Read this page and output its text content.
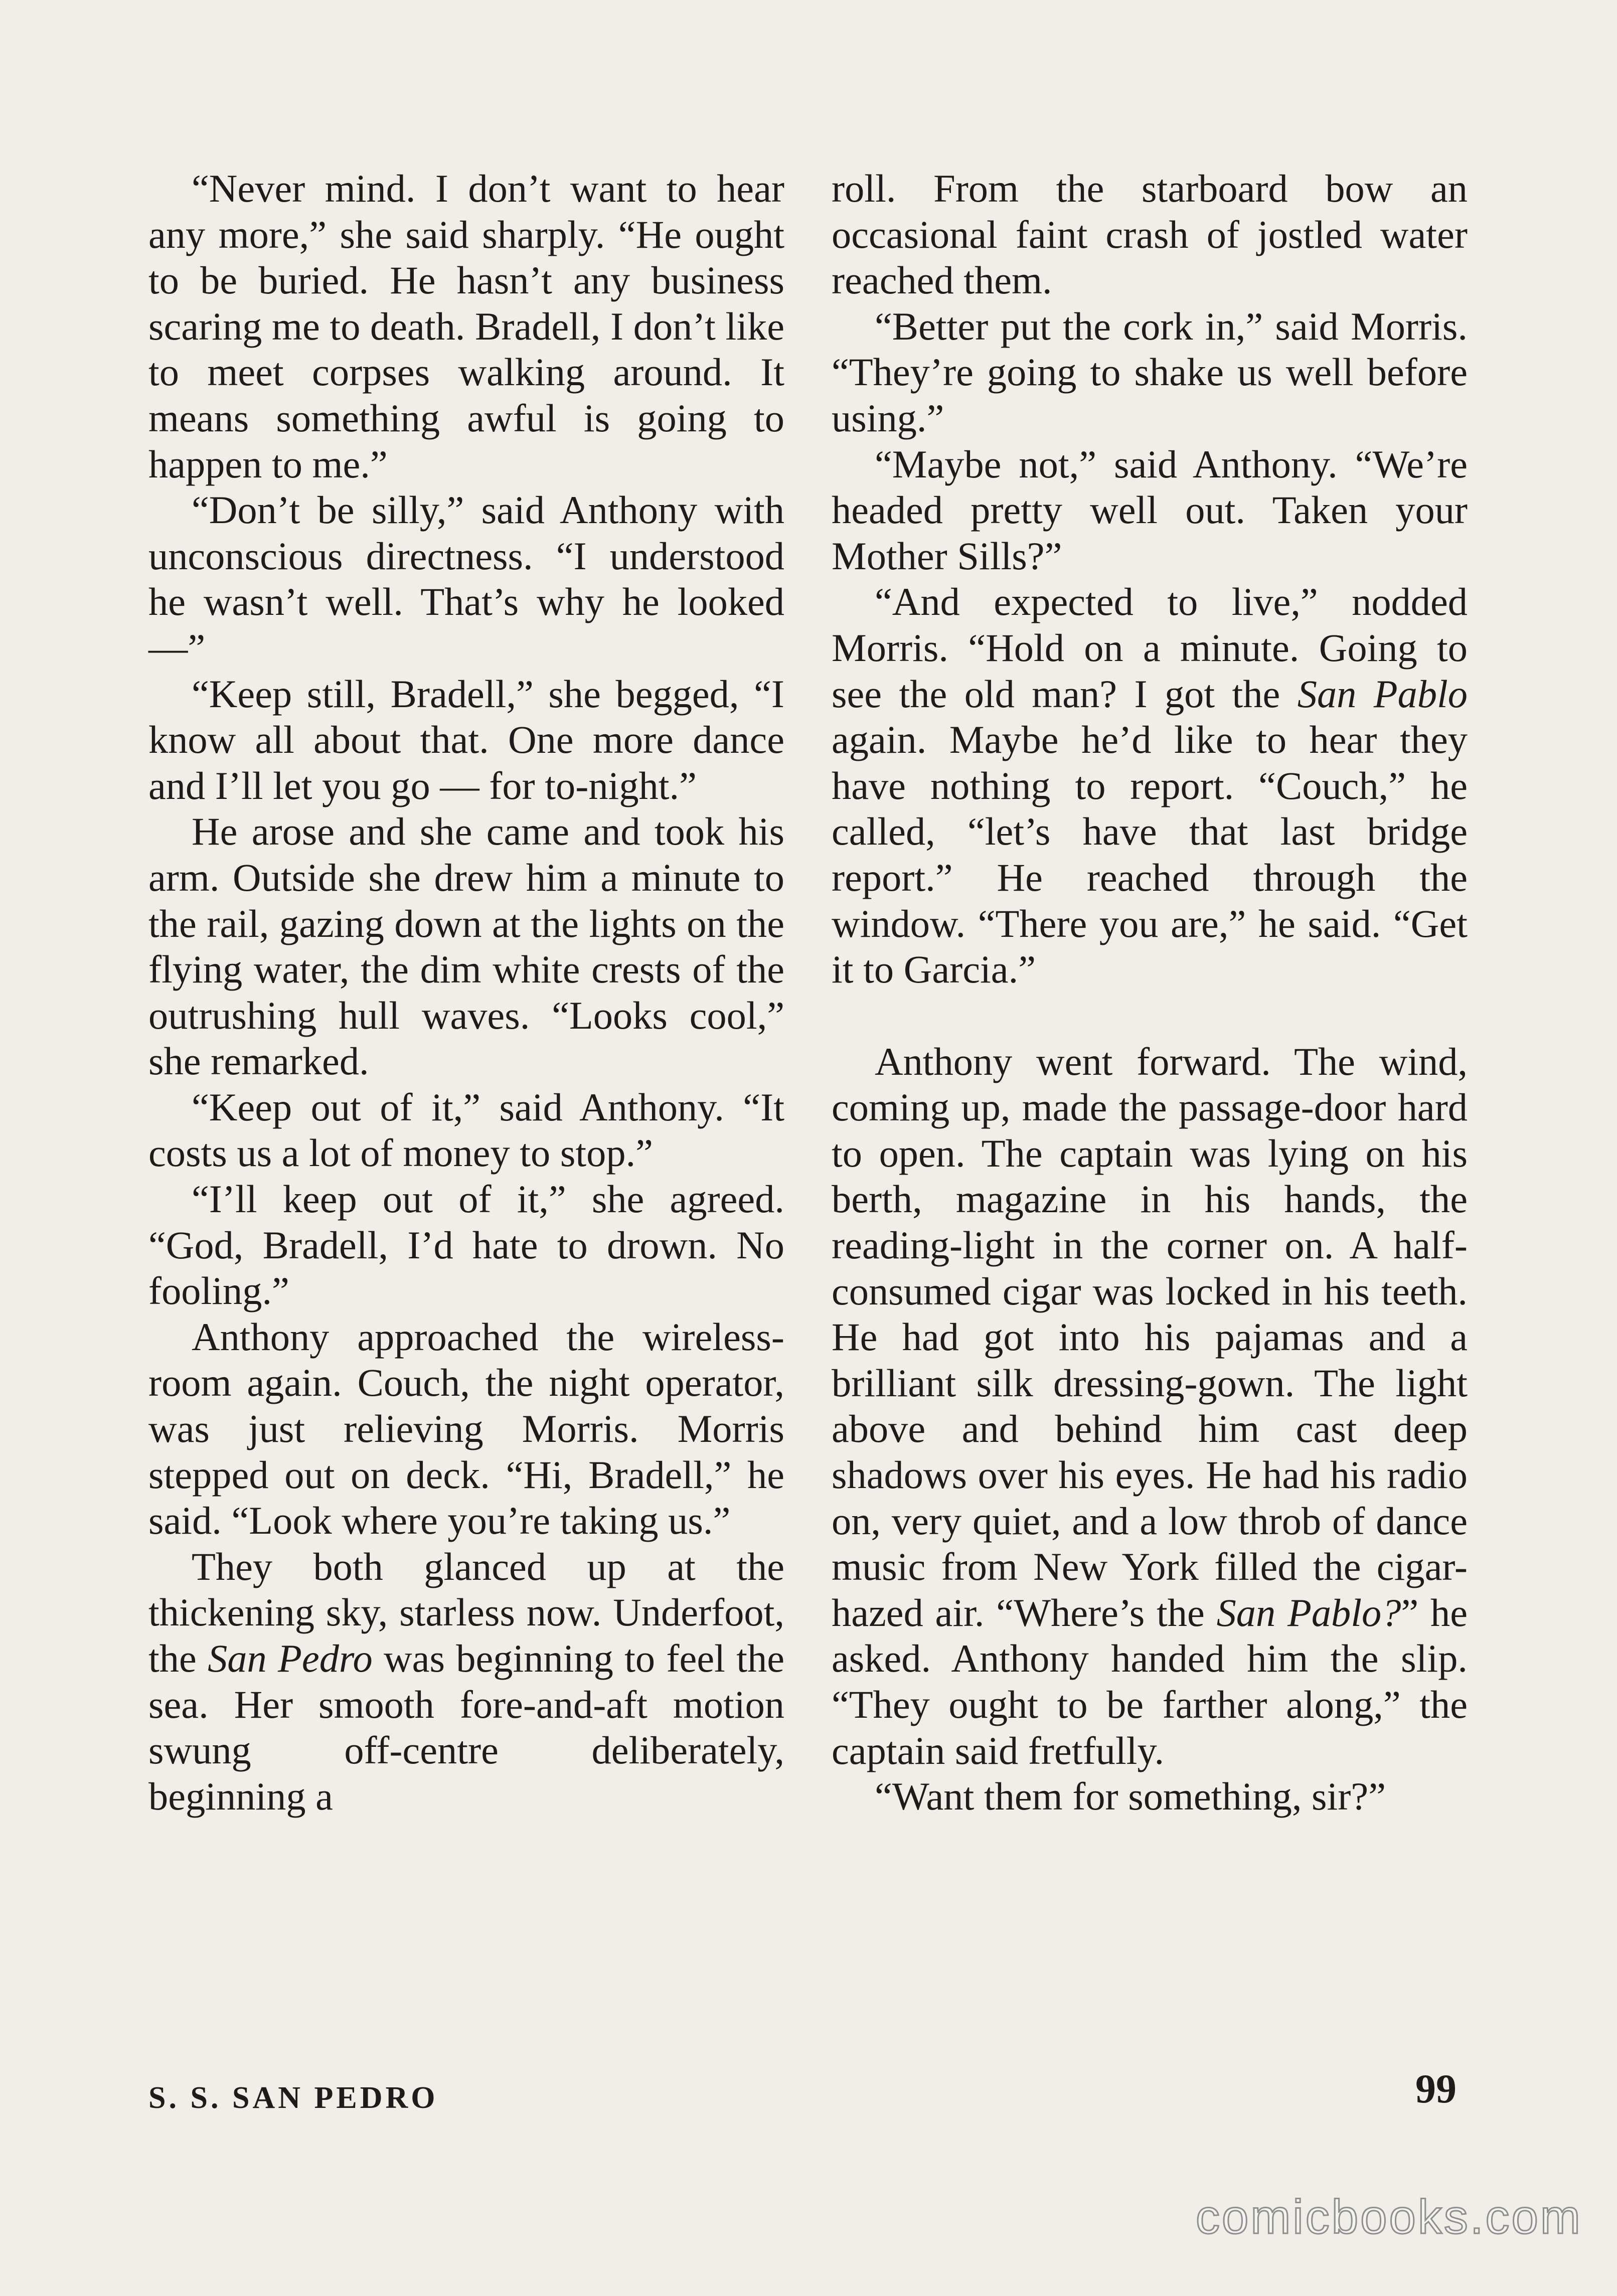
“Never mind. I don’t want to hear any more,” she said sharply. “He ought to be buried. He hasn’t any business scaring me to death. Bradell, I don’t like to meet corpses walking around. It means something awful is going to happen to me.”

“Don’t be silly,” said Anthony with unconscious directness. “I understood he wasn’t well. That’s why he looked —”

“Keep still, Bradell,” she begged, “I know all about that. One more dance and I’ll let you go — for to-night.”

He arose and she came and took his arm. Outside she drew him a minute to the rail, gazing down at the lights on the flying water, the dim white crests of the outrushing hull waves. “Looks cool,” she remarked.

“Keep out of it,” said Anthony. “It costs us a lot of money to stop.”

“I’ll keep out of it,” she agreed. “God, Bradell, I’d hate to drown. No fooling.”

Anthony approached the wireless-room again. Couch, the night operator, was just relieving Morris. Morris stepped out on deck. “Hi, Bradell,” he said. “Look where you’re taking us.”

They both glanced up at the thickening sky, starless now. Underfoot, the San Pedro was beginning to feel the sea. Her smooth fore-and-aft motion swung off-centre deliberately, beginning a

roll. From the starboard bow an occasional faint crash of jostled water reached them.

“Better put the cork in,” said Morris. “They’re going to shake us well before using.”

“Maybe not,” said Anthony. “We’re headed pretty well out. Taken your Mother Sills?”

“And expected to live,” nodded Morris. “Hold on a minute. Going to see the old man? I got the San Pablo again. Maybe he’d like to hear they have nothing to report. “Couch,” he called, “let’s have that last bridge report.” He reached through the window. “There you are,” he said. “Get it to Garcia.”

Anthony went forward. The wind, coming up, made the passage-door hard to open. The captain was lying on his berth, magazine in his hands, the reading-light in the corner on. A half-consumed cigar was locked in his teeth. He had got into his pajamas and a brilliant silk dressing-gown. The light above and behind him cast deep shadows over his eyes. He had his radio on, very quiet, and a low throb of dance music from New York filled the cigar-hazed air. “Where’s the San Pablo?” he asked. Anthony handed him the slip. “They ought to be farther along,” the captain said fretfully.

“Want them for something, sir?”

S. S. SAN PEDRO	99
comicbooks.com
